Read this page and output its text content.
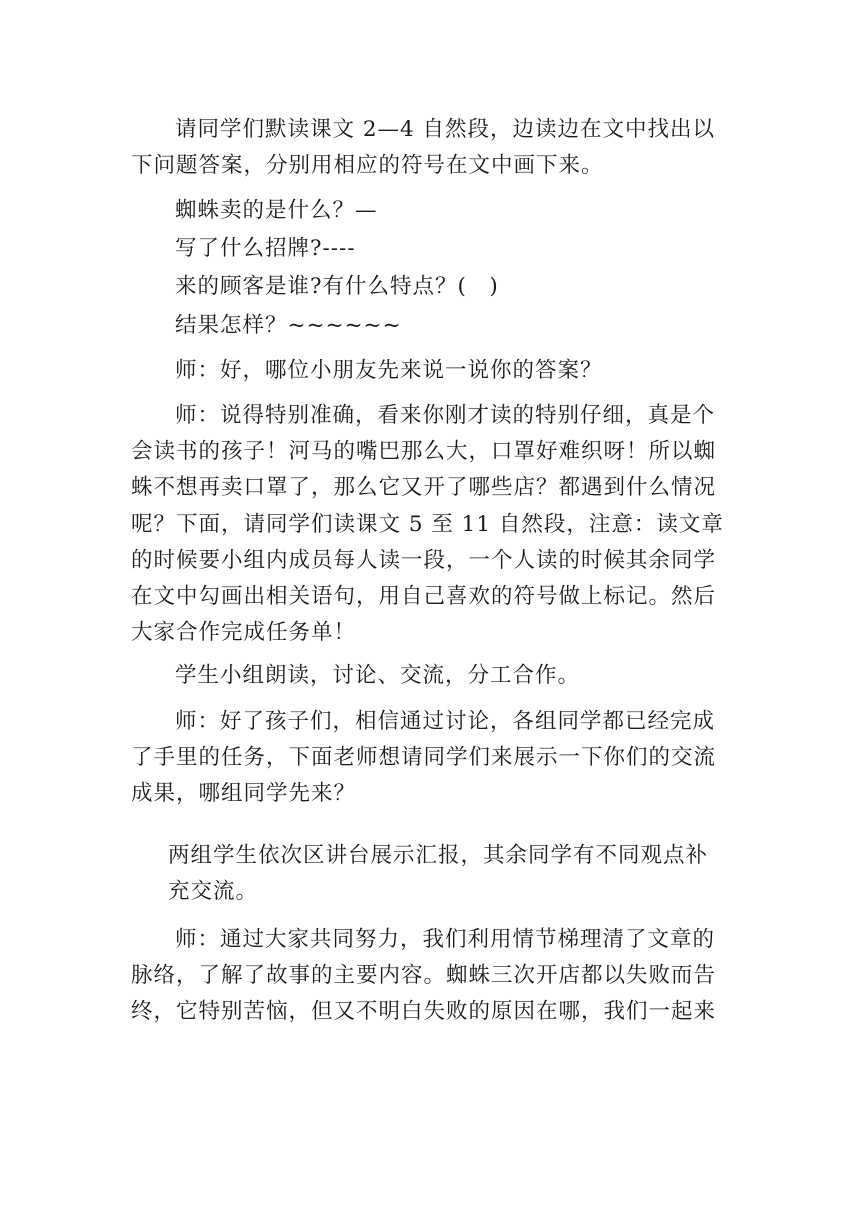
请同学们默读课文 2—4 自然段，边读边在文中找出以
下问题答案，分别用相应的符号在文中画下来。
蜘蛛卖的是什么？—
写了什么招牌?----
来的顾客是谁?有什么特点？(　)
结果怎样？~~~~~~
师：好，哪位小朋友先来说一说你的答案？
师：说得特别准确，看来你刚才读的特别仔细，真是个
会读书的孩子！河马的嘴巴那么大，口罩好难织呀！所以蜘
蛛不想再卖口罩了，那么它又开了哪些店？都遇到什么情况
呢？下面，请同学们读课文 5 至 11 自然段，注意：读文章
的时候要小组内成员每人读一段，一个人读的时候其余同学
在文中勾画出相关语句，用自己喜欢的符号做上标记。然后
大家合作完成任务单！
学生小组朗读，讨论、交流，分工合作。
师：好了孩子们，相信通过讨论，各组同学都已经完成
了手里的任务，下面老师想请同学们来展示一下你们的交流
成果，哪组同学先来？
两组学生依次区讲台展示汇报，其余同学有不同观点补
充交流。
师：通过大家共同努力，我们利用情节梯理清了文章的
脉络，了解了故事的主要内容。蜘蛛三次开店都以失败而告
终，它特别苦恼，但又不明白失败的原因在哪，我们一起来
